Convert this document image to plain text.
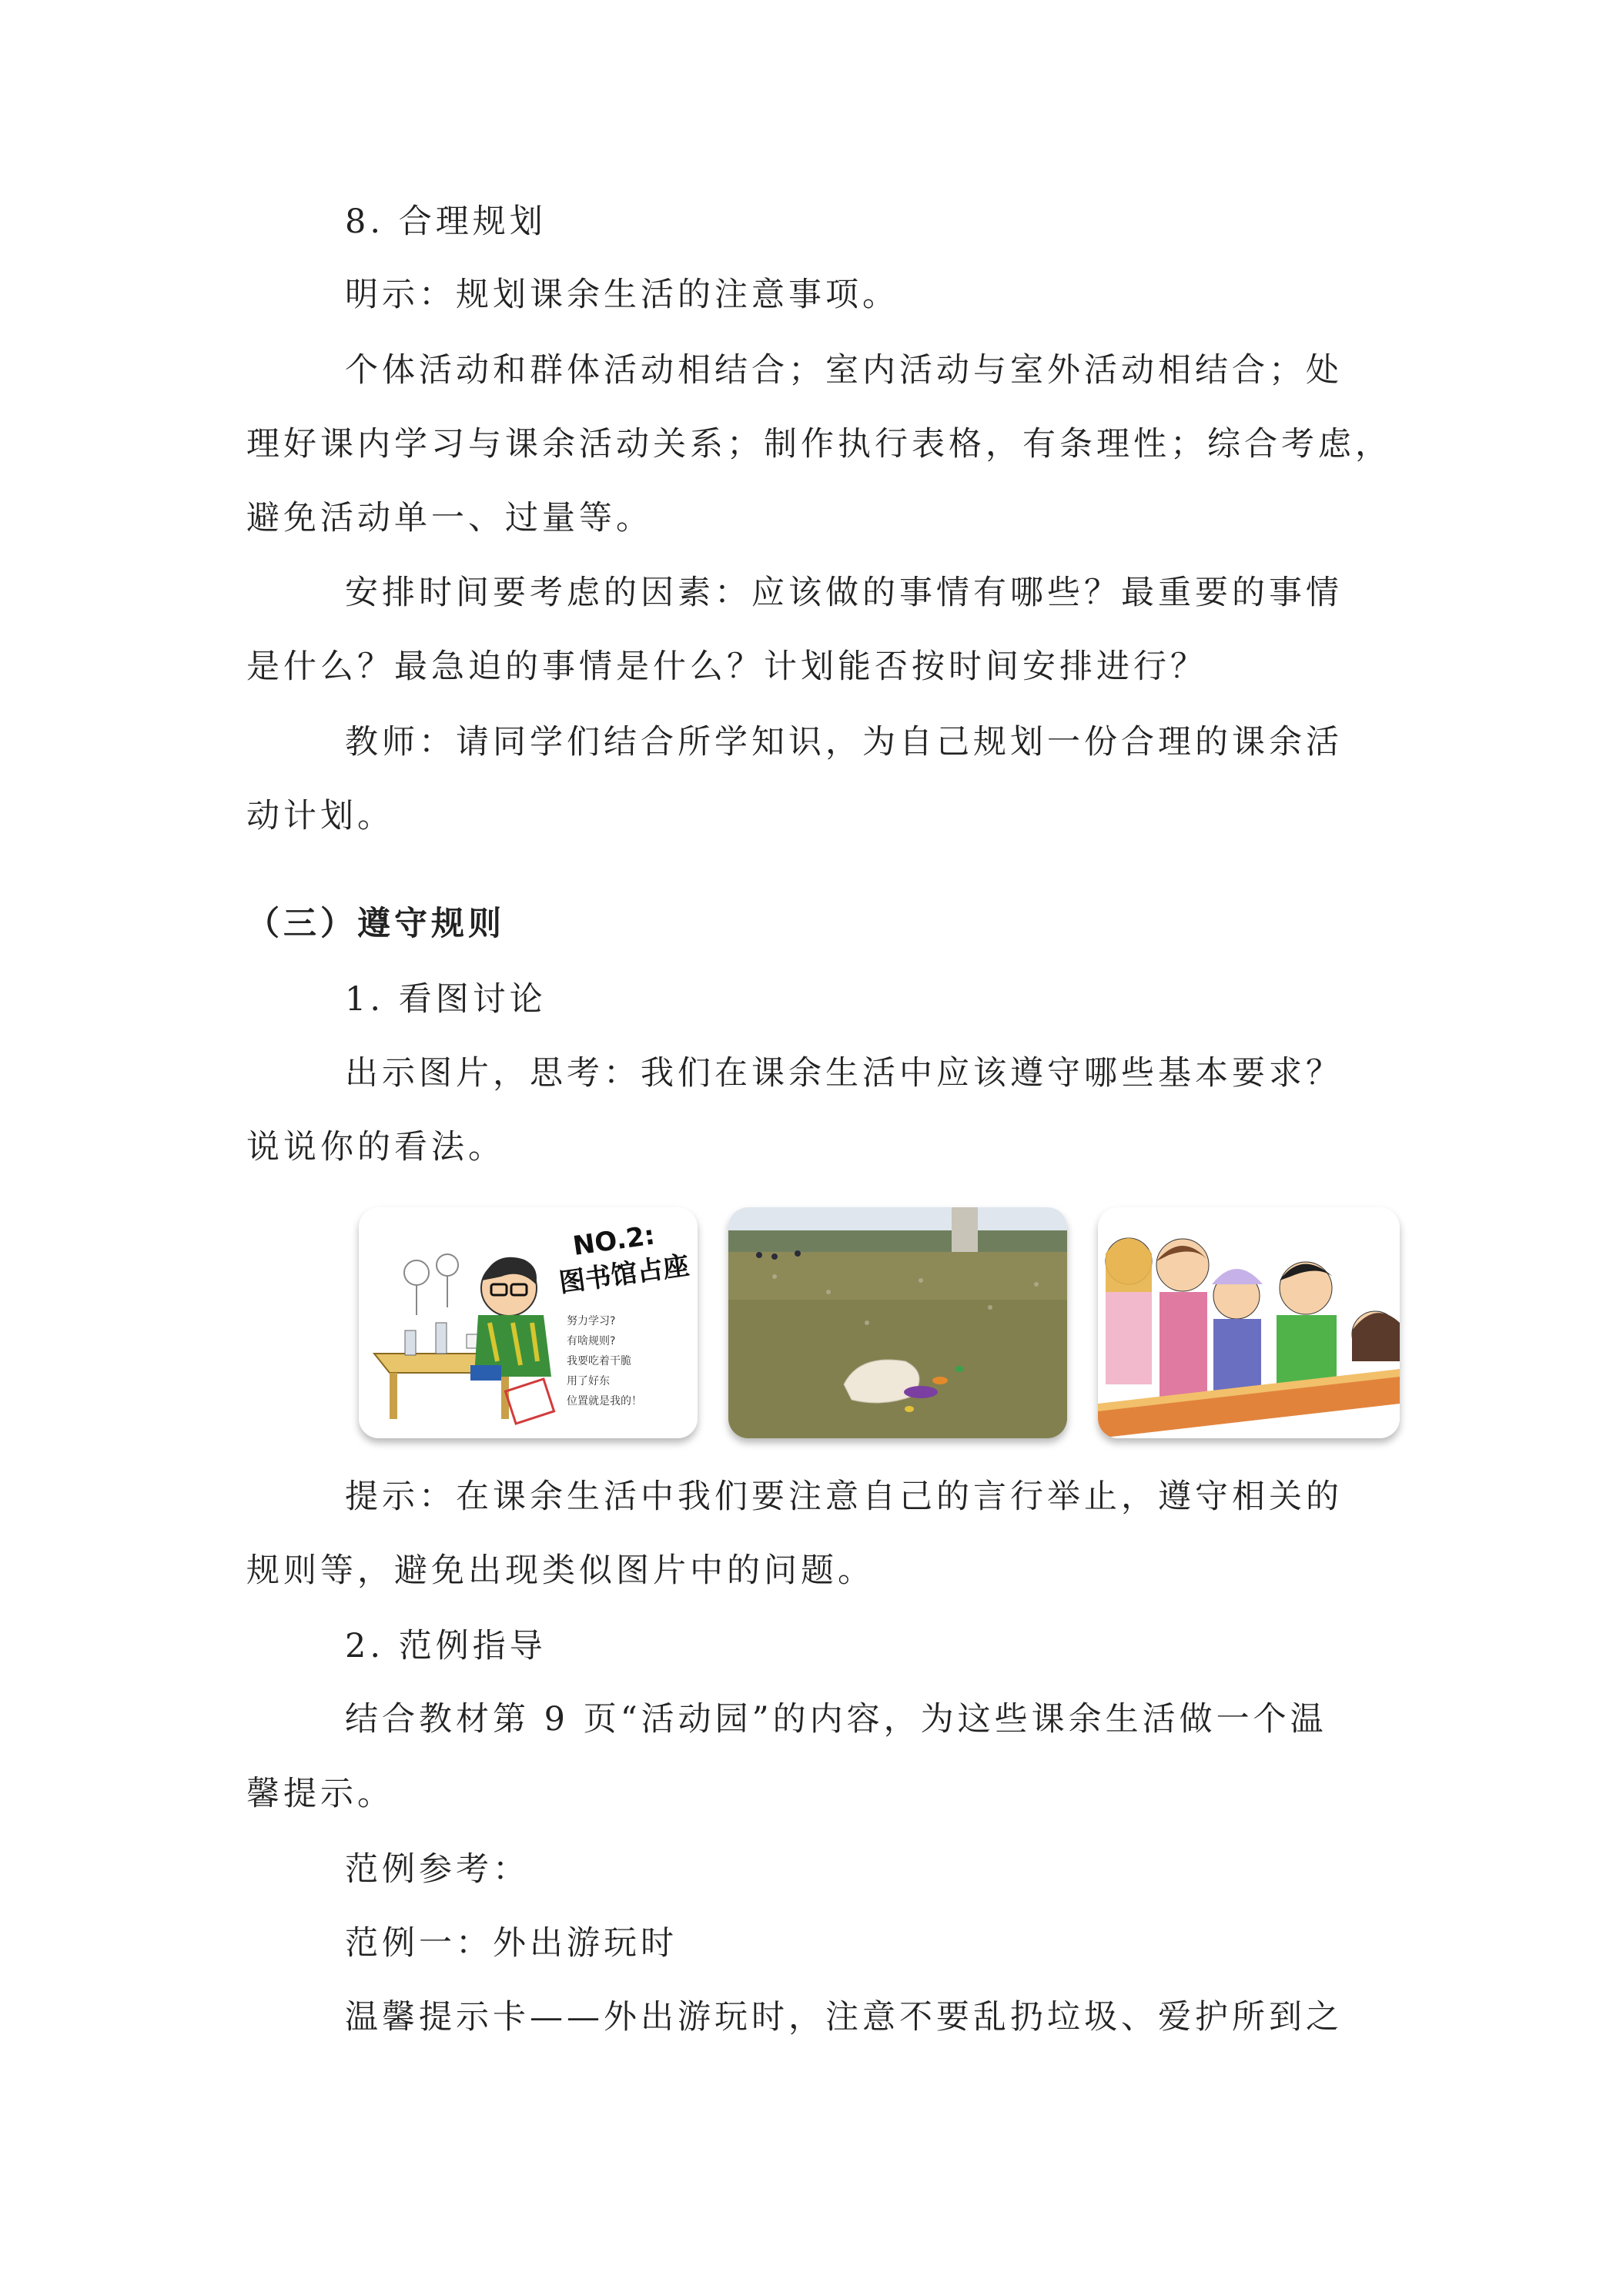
8. 合理规划
明示：规划课余生活的注意事项。
个体活动和群体活动相结合；室内活动与室外活动相结合；处
理好课内学习与课余活动关系；制作执行表格，有条理性；综合考虑，
避免活动单一、过量等。
安排时间要考虑的因素：应该做的事情有哪些？最重要的事情
是什么？最急迫的事情是什么？计划能否按时间安排进行？
教师：请同学们结合所学知识，为自己规划一份合理的课余活
动计划。
（三）遵守规则
1. 看图讨论
出示图片，思考：我们在课余生活中应该遵守哪些基本要求？
说说你的看法。
NO.2:
图书馆占座
努力学习?
有啥规则?
我要吃着干脆
用了好东
位置就是我的！
提示：在课余生活中我们要注意自己的言行举止，遵守相关的
规则等，避免出现类似图片中的问题。
2. 范例指导
结合教材第 9 页“活动园”的内容，为这些课余生活做一个温
馨提示。
范例参考：
范例一：外出游玩时
温馨提示卡——外出游玩时，注意不要乱扔垃圾、爱护所到之
